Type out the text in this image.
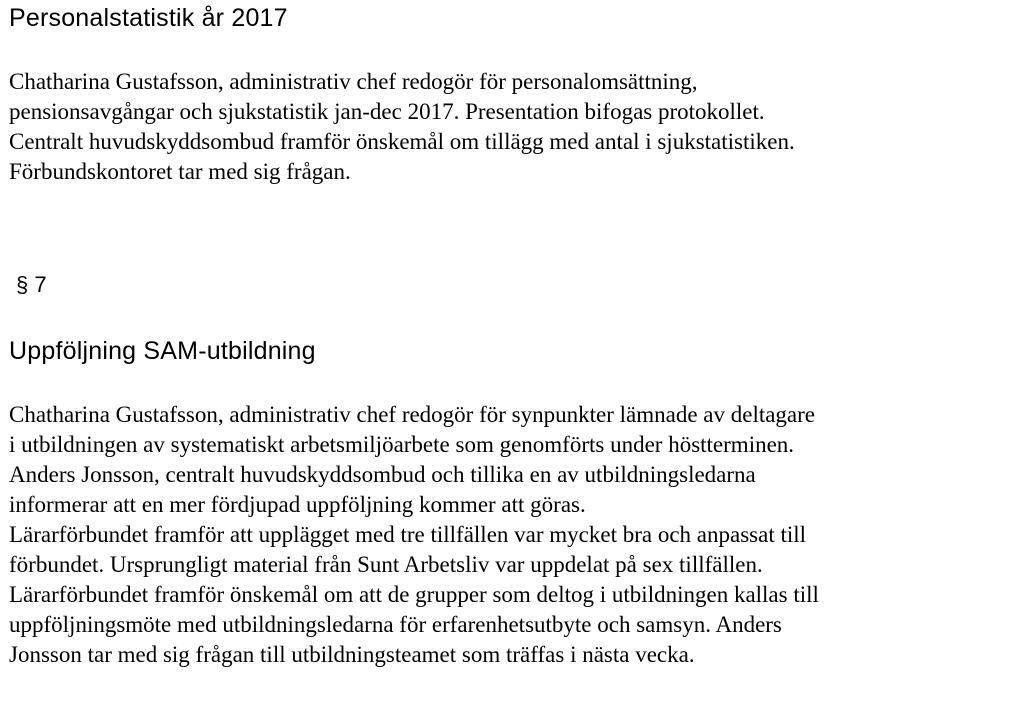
Personalstatistik år 2017

Chatharina Gustafsson, administrativ chef redogör för personalomsättning,
pensionsavgångar och sjukstatistik jan-dec 2017. Presentation bifogas protokollet.
Centralt huvudskyddsombud framför önskemål om tillägg med antal i sjukstatistiken.
Förbundskontoret tar med sig frågan.

§ 7
Uppföljning SAM-utbildning

Chatharina Gustafsson, administrativ chef redogör för synpunkter lämnade av deltagare
i utbildningen av systematiskt arbetsmiljöarbete som genomförts under höstterminen.
Anders Jonsson, centralt huvudskyddsombud och tillika en av utbildningsledarna
informerar att en mer fördjupad uppföljning kommer att göras.
Lärarförbundet framför att upplägget med tre tillfällen var mycket bra och anpassat till
förbundet. Ursprungligt material från Sunt Arbetsliv var uppdelat på sex tillfällen.
Lärarförbundet framför önskemål om att de grupper som deltog i utbildningen kallas till
uppföljningsmöte med utbildningsledarna för erfarenhetsutbyte och samsyn. Anders
Jonsson tar med sig frågan till utbildningsteamet som träffas i nästa vecka.
